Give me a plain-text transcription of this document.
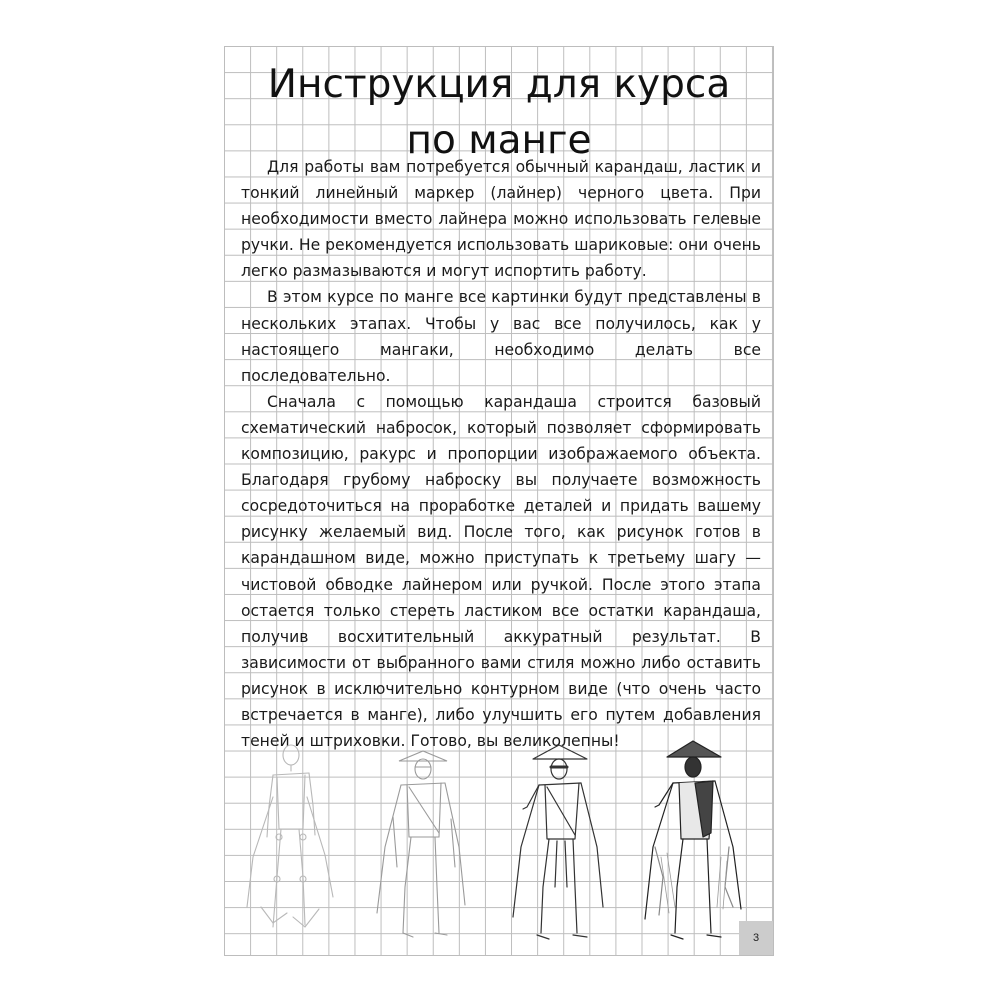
Инструкция для курса
по манге

Для работы вам потребуется обычный карандаш, ластик и тонкий линейный маркер (лайнер) черного цвета. При необходимости вместо лайнера можно использовать гелевые ручки. Не рекомендуется использовать шариковые: они очень легко размазываются и могут испортить работу.

В этом курсе по манге все картинки будут представлены в нескольких этапах. Чтобы у вас все получилось, как у настоящего мангаки, необходимо делать все последовательно.

Сначала с помощью карандаша строится базовый схематический набросок, который позволяет сформировать композицию, ракурс и пропорции изображаемого объекта. Благодаря грубому наброску вы получаете возможность сосредоточиться на проработке деталей и придать вашему рисунку желаемый вид. После того, как рисунок готов в карандашном виде, можно приступать к третьему шагу — чистовой обводке лайнером или ручкой. После этого этапа остается только стереть ластиком все остатки карандаша, получив восхитительный аккуратный результат. В зависимости от выбранного вами стиля можно либо оставить рисунок в исключительно контурном виде (что очень часто встречается в манге), либо улучшить его путем добавления теней и штриховки. Готово, вы великолепны!

3
